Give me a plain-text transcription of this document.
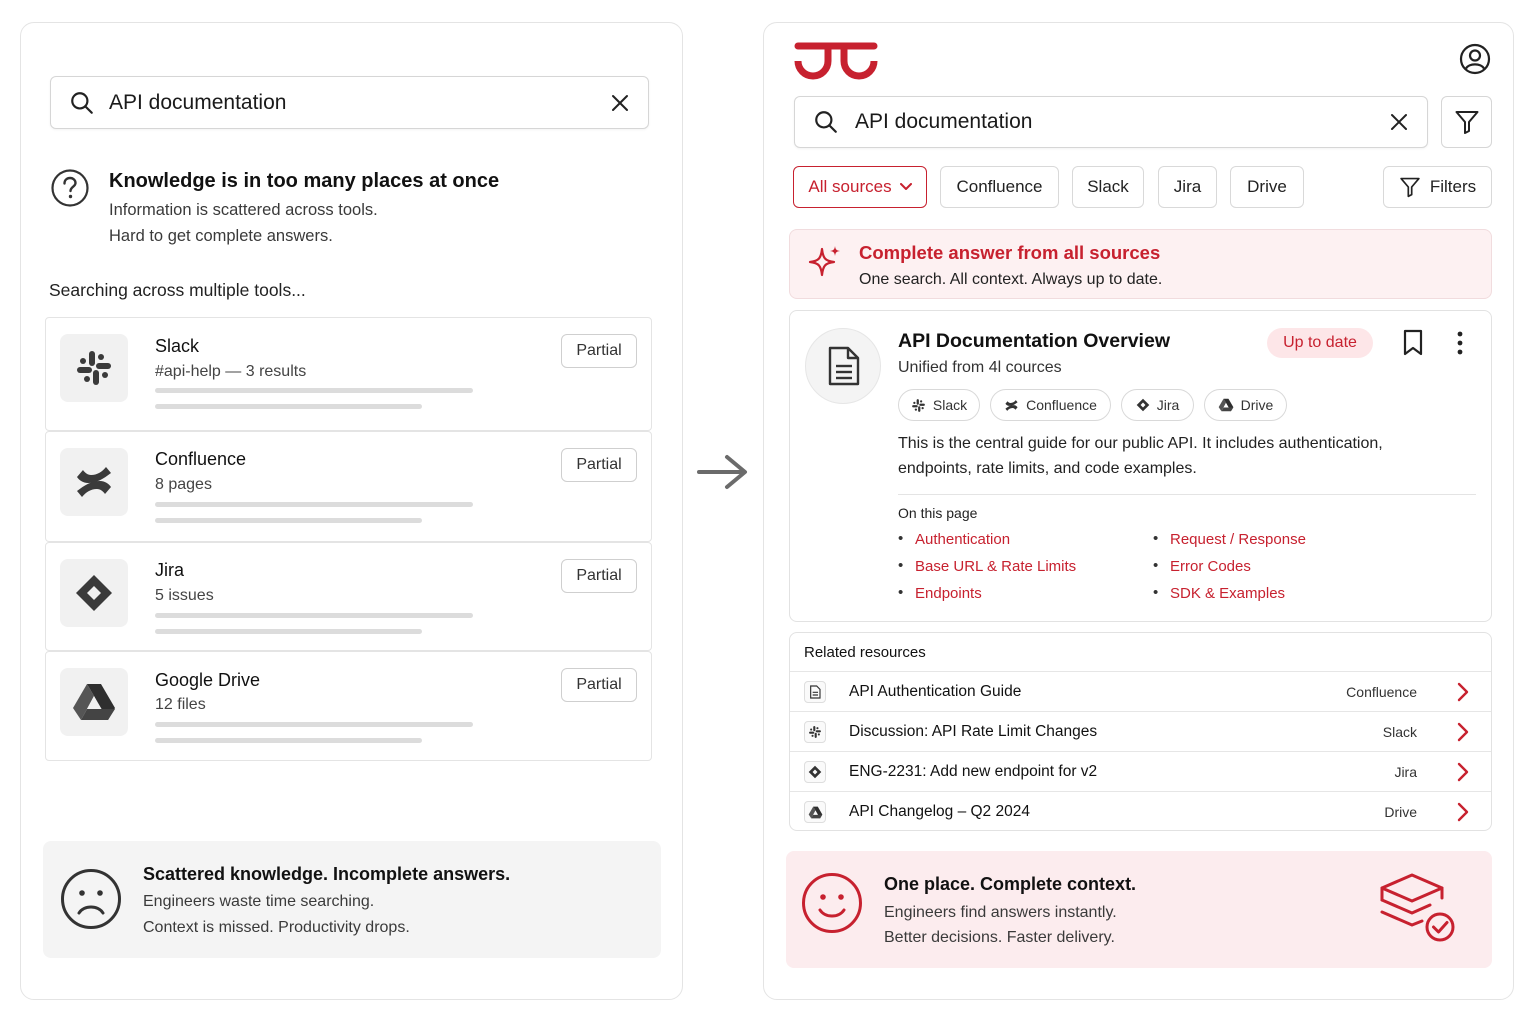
API documentation
Knowledge is in too many places at once
Information is scattered across tools.
Hard to get complete answers.
Searching across multiple tools...
Slack
#api-help — 3 results
Partial
Confluence
8 pages
Partial
Jira
5 issues
Partial
Google Drive
12 files
Partial
Scattered knowledge. Incomplete answers.
Engineers waste time searching.
Context is missed. Productivity drops.
API documentation
All sources	Confluence	Slack	Jira	Drive	Filters
Complete answer from all sources
One search. All context. Always up to date.
API Documentation Overview	Up to date
Unified from 4l cources
Slack	Confluence	Jira	Drive
This is the central guide for our public API. It includes authentication,
endpoints, rate limits, and code examples.
On this page
• Authentication
• Base URL & Rate Limits
• Endpoints
• Request / Response
• Error Codes
• SDK & Examples
Related resources
API Authentication Guide	Confluence
Discussion: API Rate Limit Changes	Slack
ENG-2231: Add new endpoint for v2	Jira
API Changelog – Q2 2024	Drive
One place. Complete context.
Engineers find answers instantly.
Better decisions. Faster delivery.
